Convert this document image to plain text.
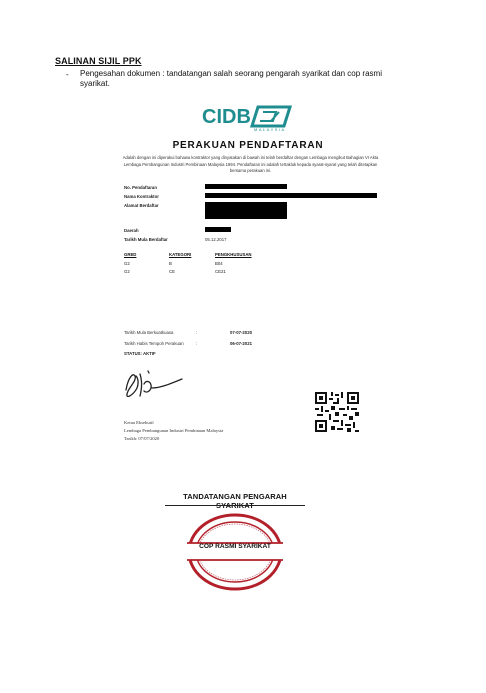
SALINAN SIJIL PPK
- Pengesahan dokumen : tandatangan salah seorang pengarah syarikat dan cop rasmi syarikat.
CIDB
MALAYSIA
PERAKUAN PENDAFTARAN
Adalah dengan ini diperakui bahawa kontraktor yang dinyatakan di bawah ini telah berdaftar dengan Lembaga mengikut Bahagian VI Akta Lembaga Pembangunan Industri Pembinaan Malaysia 1994. Pendaftaran ini adalah tertakluk kepada syarat-syarat yang telah ditetapkan bersama perakuan ini.
No. Pendaftaran
Nama Kontraktor
Alamat Berdaftar
Daerah
Tarikh Mula Berdaftar	05.12.2017
GRED	KATEGORI	PENGKHUSUSAN
G2	B	B04
G2	CE	CE21
Tarikh Mula Berkuatkuasa	:	07-07-2020
Tarikh Habis Tempoh Perakuan	:	06-07-2021
STATUS: AKTIF
Ketua Eksekutif
Lembaga Pembangunan Industri Pembinaan Malaysia
Tarikh: 07/07/2020
TANDATANGAN PENGARAH SYARIKAT
COP RASMI SYARIKAT
